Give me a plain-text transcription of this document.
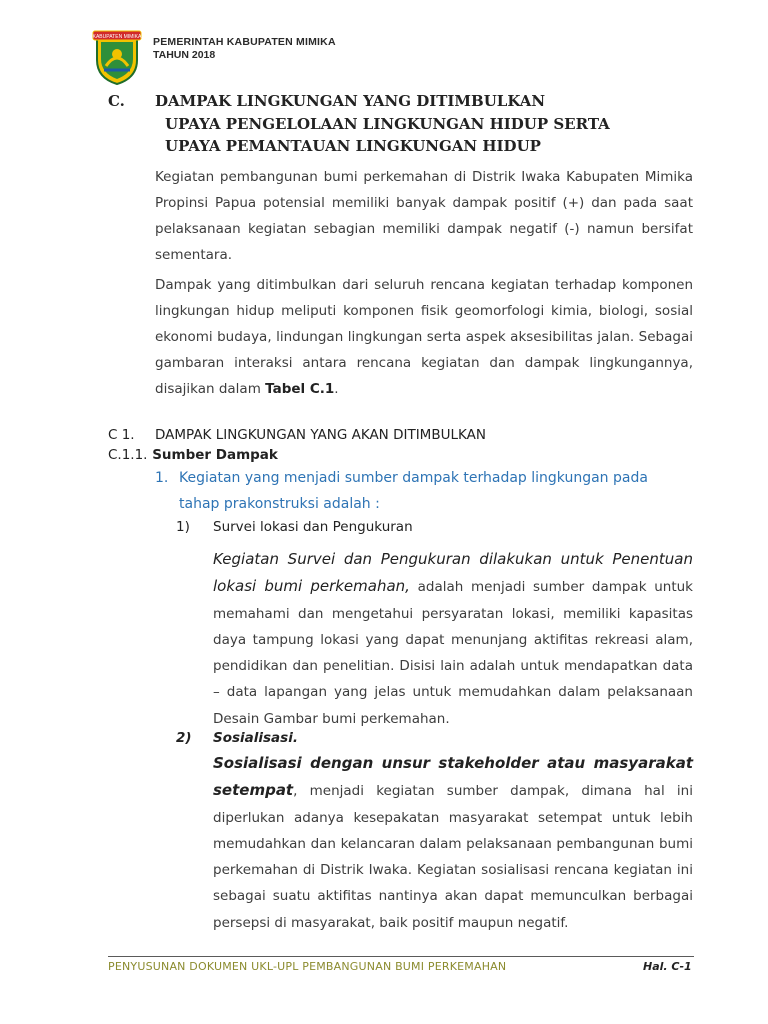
KABUPATEN MIMIKA PEMERINTAH KABUPATEN MIMIKA
TAHUN 2018
C. DAMPAK LINGKUNGAN YANG DITIMBULKAN
UPAYA PENGELOLAAN LINGKUNGAN HIDUP SERTA
UPAYA PEMANTAUAN LINGKUNGAN HIDUP
Kegiatan pembangunan bumi perkemahan di Distrik Iwaka Kabupaten Mimika Propinsi Papua potensial memiliki banyak dampak positif (+) dan pada saat pelaksanaan kegiatan sebagian memiliki dampak negatif (-) namun bersifat sementara.
Dampak yang ditimbulkan dari seluruh rencana kegiatan terhadap komponen lingkungan hidup meliputi komponen fisik geomorfologi kimia, biologi, sosial ekonomi budaya, lindungan lingkungan serta aspek aksesibilitas jalan. Sebagai gambaran interaksi antara rencana kegiatan dan dampak lingkungannya, disajikan dalam Tabel C.1.
C 1. DAMPAK LINGKUNGAN YANG AKAN DITIMBULKAN
C.1.1. Sumber Dampak
1. Kegiatan yang menjadi sumber dampak terhadap lingkungan pada
tahap prakonstruksi adalah :
1) Survei lokasi dan Pengukuran
Kegiatan Survei dan Pengukuran dilakukan untuk Penentuan lokasi bumi perkemahan, adalah menjadi sumber dampak untuk memahami dan mengetahui persyaratan lokasi, memiliki kapasitas daya tampung lokasi yang dapat menunjang aktifitas rekreasi alam, pendidikan dan penelitian. Disisi lain adalah untuk mendapatkan data – data lapangan yang jelas untuk memudahkan dalam pelaksanaan Desain Gambar bumi perkemahan.
2) Sosialisasi.
Sosialisasi dengan unsur stakeholder atau masyarakat setempat, menjadi kegiatan sumber dampak, dimana hal ini diperlukan adanya kesepakatan masyarakat setempat untuk lebih memudahkan dan kelancaran dalam pelaksanaan pembangunan bumi perkemahan di Distrik Iwaka. Kegiatan sosialisasi rencana kegiatan ini sebagai suatu aktifitas nantinya akan dapat memunculkan berbagai persepsi di masyarakat, baik positif maupun negatif.
PENYUSUNAN DOKUMEN UKL-UPL PEMBANGUNAN BUMI PERKEMAHAN	Hal. C-1
